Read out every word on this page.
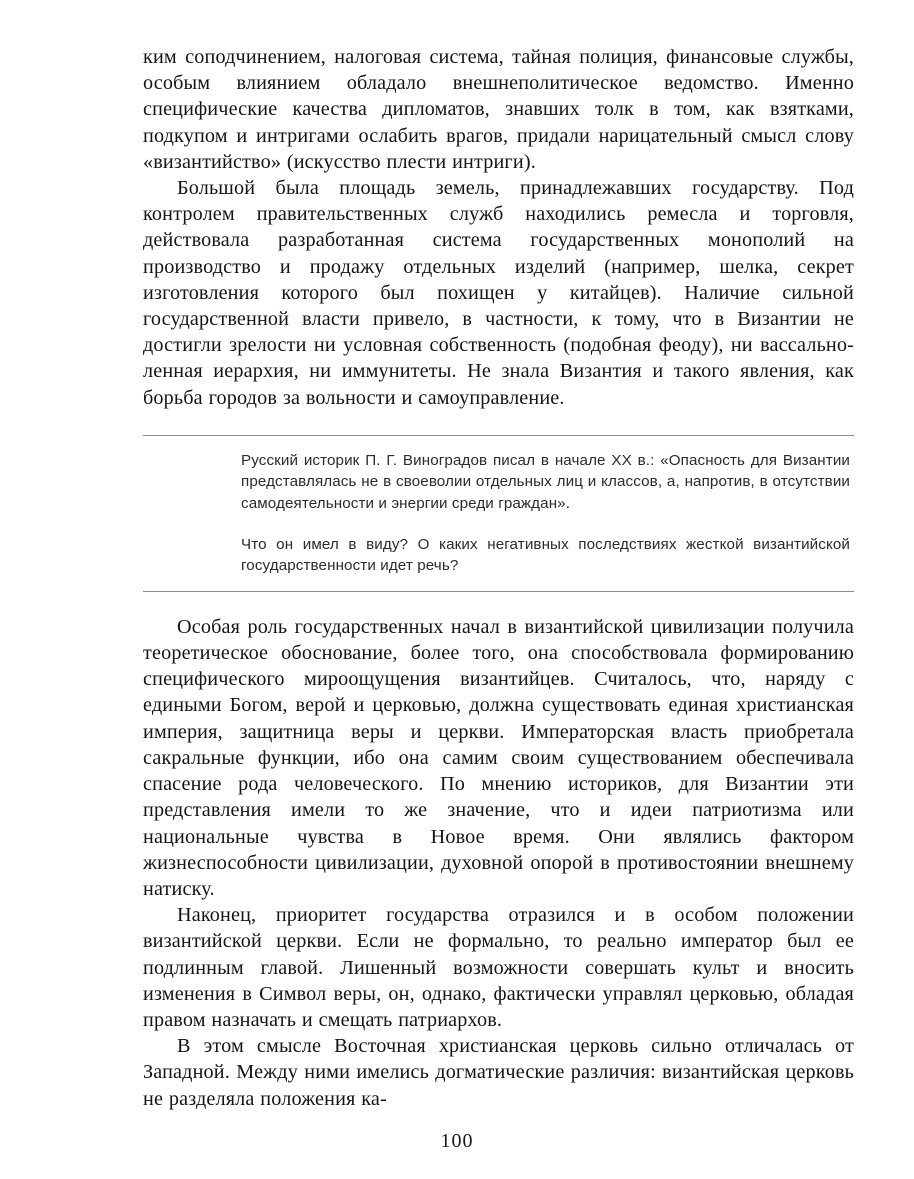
ким соподчинением, налоговая система, тайная полиция, финансовые службы, особым влиянием обладало внешнеполитическое ведомство. Именно специфические качества дипломатов, знавших толк в том, как взятками, подкупом и интригами ослабить врагов, придали нарицательный смысл слову «византийство» (искусство плести интриги).

Большой была площадь земель, принадлежавших государству. Под контролем правительственных служб находились ремесла и торговля, действовала разработанная система государственных монополий на производство и продажу отдельных изделий (например, шелка, секрет изготовления которого был похищен у китайцев). Наличие сильной государственной власти привело, в частности, к тому, что в Византии не достигли зрелости ни условная собственность (подобная феоду), ни вассально-ленная иерархия, ни иммунитеты. Не знала Византия и такого явления, как борьба городов за вольности и самоуправление.

Русский историк П. Г. Виноградов писал в начале XX в.: «Опасность для Византии представлялась не в своеволии отдельных лиц и классов, а, напротив, в отсутствии самодеятельности и энергии среди граждан».

Что он имел в виду? О каких негативных последствиях жесткой византийской государственности идет речь?

Особая роль государственных начал в византийской цивилизации получила теоретическое обоснование, более того, она способствовала формированию специфического мироощущения византийцев. Считалось, что, наряду с едиными Богом, верой и церковью, должна существовать единая христианская империя, защитница веры и церкви. Императорская власть приобретала сакральные функции, ибо она самим своим существованием обеспечивала спасение рода человеческого. По мнению историков, для Византии эти представления имели то же значение, что и идеи патриотизма или национальные чувства в Новое время. Они являлись фактором жизнеспособности цивилизации, духовной опорой в противостоянии внешнему натиску.

Наконец, приоритет государства отразился и в особом положении византийской церкви. Если не формально, то реально император был ее подлинным главой. Лишенный возможности совершать культ и вносить изменения в Символ веры, он, однако, фактически управлял церковью, обладая правом назначать и смещать патриархов.

В этом смысле Восточная христианская церковь сильно отличалась от Западной. Между ними имелись догматические различия: византийская церковь не разделяла положения ка-

100
